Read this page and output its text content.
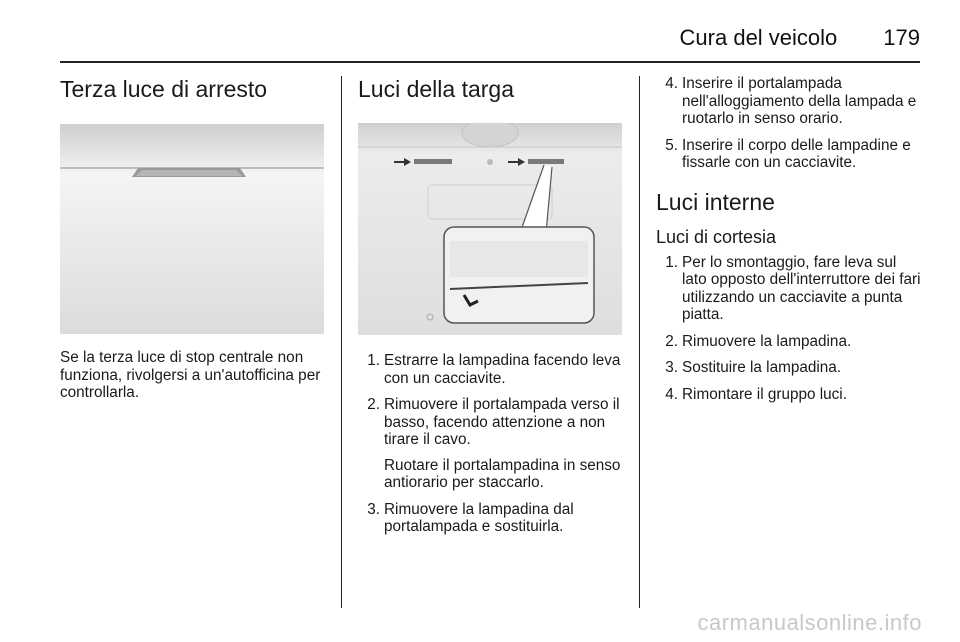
Cura del veicolo 179
Terza luce di arresto

Se la terza luce di stop centrale non funziona, rivolgersi a un'autofficina per controllarla.

Luci della targa
1. Estrarre la lampadina facendo leva con un cacciavite.
2. Rimuovere il portalampada verso il basso, facendo attenzione a non tirare il cavo.
Ruotare il portalampadina in senso antiorario per staccarlo.
3. Rimuovere la lampadina dal portalampada e sostituirla.
4. Inserire il portalampada nell'alloggiamento della lampada e ruotarlo in senso orario.
5. Inserire il corpo delle lampadine e fissarle con un cacciavite.
Luci interne
Luci di cortesia
1. Per lo smontaggio, fare leva sul lato opposto dell'interruttore dei fari utilizzando un cacciavite a punta piatta.
2. Rimuovere la lampadina.
3. Sostituire la lampadina.
4. Rimontare il gruppo luci.
carmanualsonline.info
